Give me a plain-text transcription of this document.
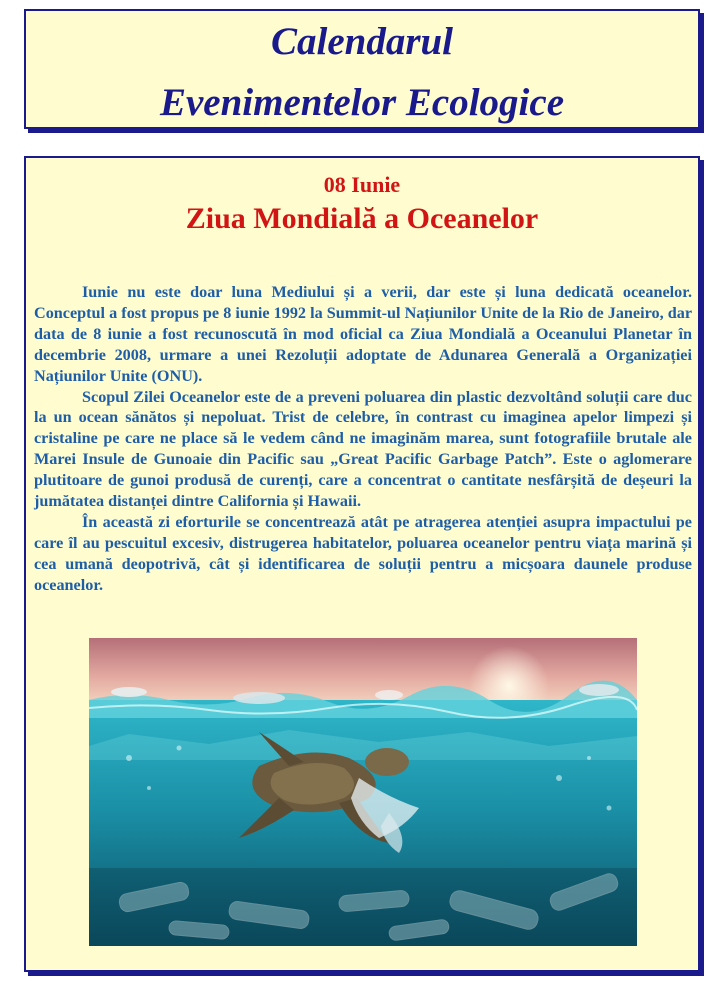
Calendarul
Evenimentelor Ecologice
08 Iunie
Ziua Mondială a Oceanelor

Iunie nu este doar luna Mediului și a verii, dar este și luna dedicată oceanelor. Conceptul a fost propus pe 8 iunie 1992 la Summit-ul Națiunilor Unite de la Rio de Janeiro, dar data de 8 iunie a fost recunoscută în mod oficial ca Ziua Mondială a Oceanului Planetar în decembrie 2008, urmare a unei Rezoluții adoptate de Adunarea Generală a Organizației Națiunilor Unite (ONU).

Scopul Zilei Oceanelor este de a preveni poluarea din plastic dezvoltând soluții care duc la un ocean sănătos și nepoluat. Trist de celebre, în contrast cu imaginea apelor limpezi și cristaline pe care ne place să le vedem când ne imaginăm marea, sunt fotografiile brutale ale Marei Insule de Gunoaie din Pacific sau „Great Pacific Garbage Patch”. Este o aglomerare plutitoare de gunoi produsă de curenți, care a concentrat o cantitate nesfârșită de deșeuri la jumătatea distanței dintre California și Hawaii.

În această zi eforturile se concentrează atât pe atragerea atenției asupra impactului pe care îl au pescuitul excesiv, distrugerea habitatelor, poluarea oceanelor pentru viața marină și cea umană deopotrivă, cât și identificarea de soluții pentru a micșoara daunele produse oceanelor.
